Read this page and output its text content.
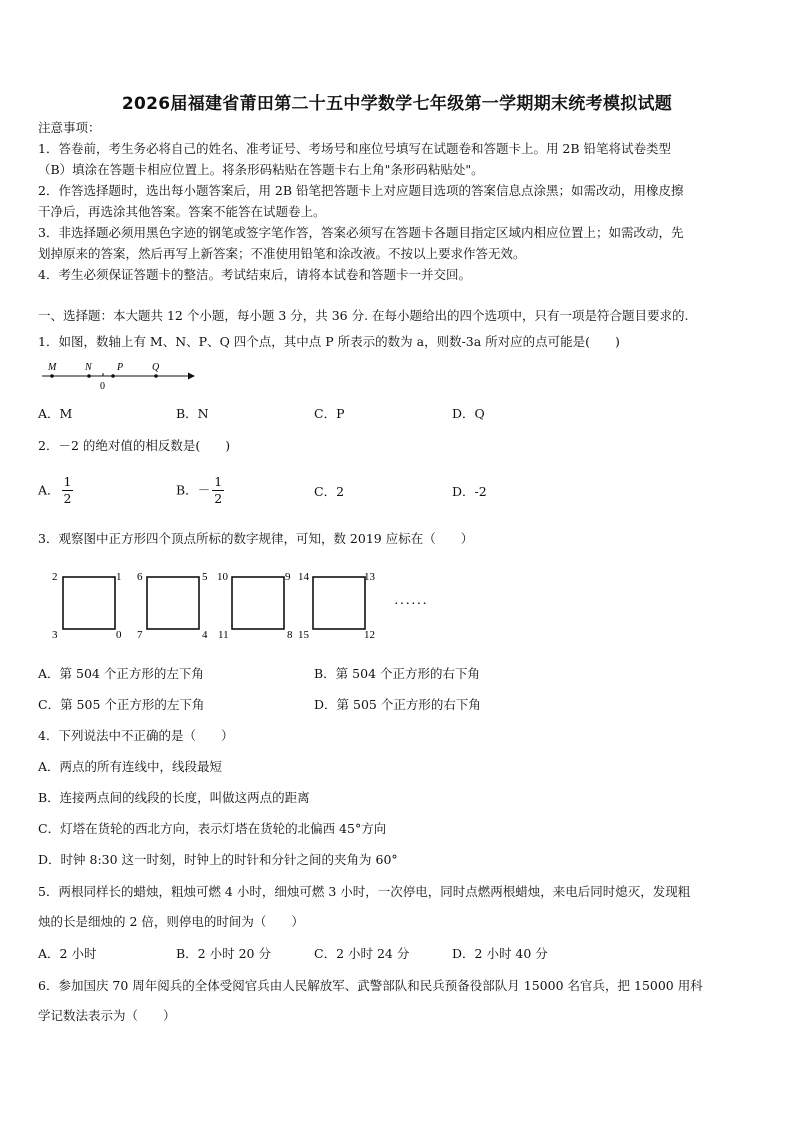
2026届福建省莆田第二十五中学数学七年级第一学期期末统考模拟试题
注意事项：
1．答卷前，考生务必将自己的姓名、准考证号、考场号和座位号填写在试题卷和答题卡上。用 2B 铅笔将试卷类型
（B）填涂在答题卡相应位置上。将条形码粘贴在答题卡右上角"条形码粘贴处"。
2．作答选择题时，选出每小题答案后，用 2B 铅笔把答题卡上对应题目选项的答案信息点涂黑；如需改动，用橡皮擦
干净后，再选涂其他答案。答案不能答在试题卷上。
3．非选择题必须用黑色字迹的钢笔或签字笔作答，答案必须写在答题卡各题目指定区域内相应位置上；如需改动，先
划掉原来的答案，然后再写上新答案；不准使用铅笔和涂改液。不按以上要求作答无效。
4．考生必须保证答题卡的整洁。考试结束后，请将本试卷和答题卡一并交回。
一、选择题：本大题共 12 个小题，每小题 3 分，共 36 分. 在每小题给出的四个选项中，只有一项是符合题目要求的.
1．如图，数轴上有 M、N、P、Q 四个点，其中点 P 所表示的数为 a，则数-3a 所对应的点可能是(　　)
M	N	P	Q
0
A．M	B．N	C．P	D．Q
2．－2 的绝对值的相反数是(　　)
A． $\frac{1}{2}$	B．－ $\frac{1}{2}$	C．2	D．-2
3．观察图中正方形四个顶点所标的数字规律，可知，数 2019 应标在（　　）
2	1
3	0
6	5
7	4
10	9
11	8
14	13
15	12
······
A．第 504 个正方形的左下角	B．第 504 个正方形的右下角
C．第 505 个正方形的左下角	D．第 505 个正方形的右下角
4．下列说法中不正确的是（　　）
A．两点的所有连线中，线段最短
B．连接两点间的线段的长度，叫做这两点的距离
C．灯塔在货轮的西北方向，表示灯塔在货轮的北偏西 45°方向
D．时钟 8:30 这一时刻，时钟上的时针和分针之间的夹角为 60°
5．两根同样长的蜡烛，粗烛可燃 4 小时，细烛可燃 3 小时，一次停电，同时点燃两根蜡烛，来电后同时熄灭，发现粗
烛的长是细烛的 2 倍，则停电的时间为（　　）
A．2 小时	B．2 小时 20 分	C．2 小时 24 分	D．2 小时 40 分
6．参加国庆 70 周年阅兵的全体受阅官兵由人民解放军、武警部队和民兵预备役部队月 15000 名官兵，把 15000 用科
学记数法表示为（　　）
